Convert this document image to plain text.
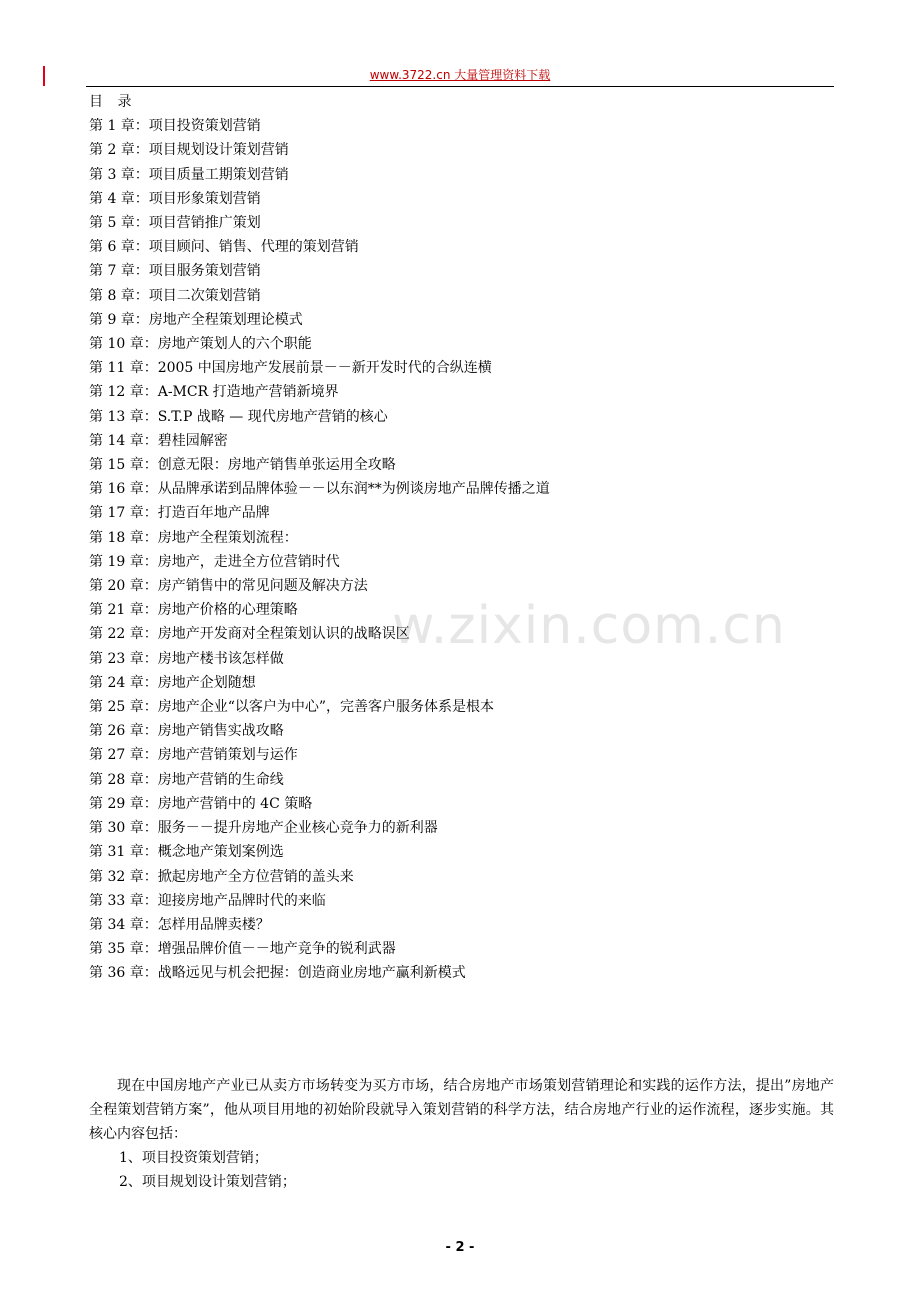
www.3722.cn 大量管理资料下载
w.zixin.com.cn
目 录
第 1 章：项目投资策划营销
第 2 章：项目规划设计策划营销
第 3 章：项目质量工期策划营销
第 4 章：项目形象策划营销
第 5 章：项目营销推广策划
第 6 章：项目顾问、销售、代理的策划营销
第 7 章：项目服务策划营销
第 8 章：项目二次策划营销
第 9 章：房地产全程策划理论模式
第 10 章：房地产策划人的六个职能
第 11 章：2005 中国房地产发展前景－－新开发时代的合纵连横
第 12 章：A-MCR 打造地产营销新境界
第 13 章：S.T.P 战略 — 现代房地产营销的核心
第 14 章：碧桂园解密
第 15 章：创意无限：房地产销售单张运用全攻略
第 16 章：从品牌承诺到品牌体验－－以东润**为例谈房地产品牌传播之道
第 17 章：打造百年地产品牌
第 18 章：房地产全程策划流程：
第 19 章：房地产，走进全方位营销时代
第 20 章：房产销售中的常见问题及解决方法
第 21 章：房地产价格的心理策略
第 22 章：房地产开发商对全程策划认识的战略误区
第 23 章：房地产楼书该怎样做
第 24 章：房地产企划随想
第 25 章：房地产企业“以客户为中心”，完善客户服务体系是根本
第 26 章：房地产销售实战攻略
第 27 章：房地产营销策划与运作
第 28 章：房地产营销的生命线
第 29 章：房地产营销中的 4C 策略
第 30 章：服务－－提升房地产企业核心竞争力的新利器
第 31 章：概念地产策划案例选
第 32 章：掀起房地产全方位营销的盖头来
第 33 章：迎接房地产品牌时代的来临
第 34 章：怎样用品牌卖楼？
第 35 章：增强品牌价值－－地产竞争的锐利武器
第 36 章：战略远见与机会把握：创造商业房地产赢利新模式

现在中国房地产产业已从卖方市场转变为买方市场，结合房地产市场策划营销理论和实践的运作方法，提出”房地产全程策划营销方案”，他从项目用地的初始阶段就导入策划营销的科学方法，结合房地产行业的运作流程，逐步实施。其核心内容包括：

1、项目投资策划营销；

2、项目规划设计策划营销；

- 2 -
